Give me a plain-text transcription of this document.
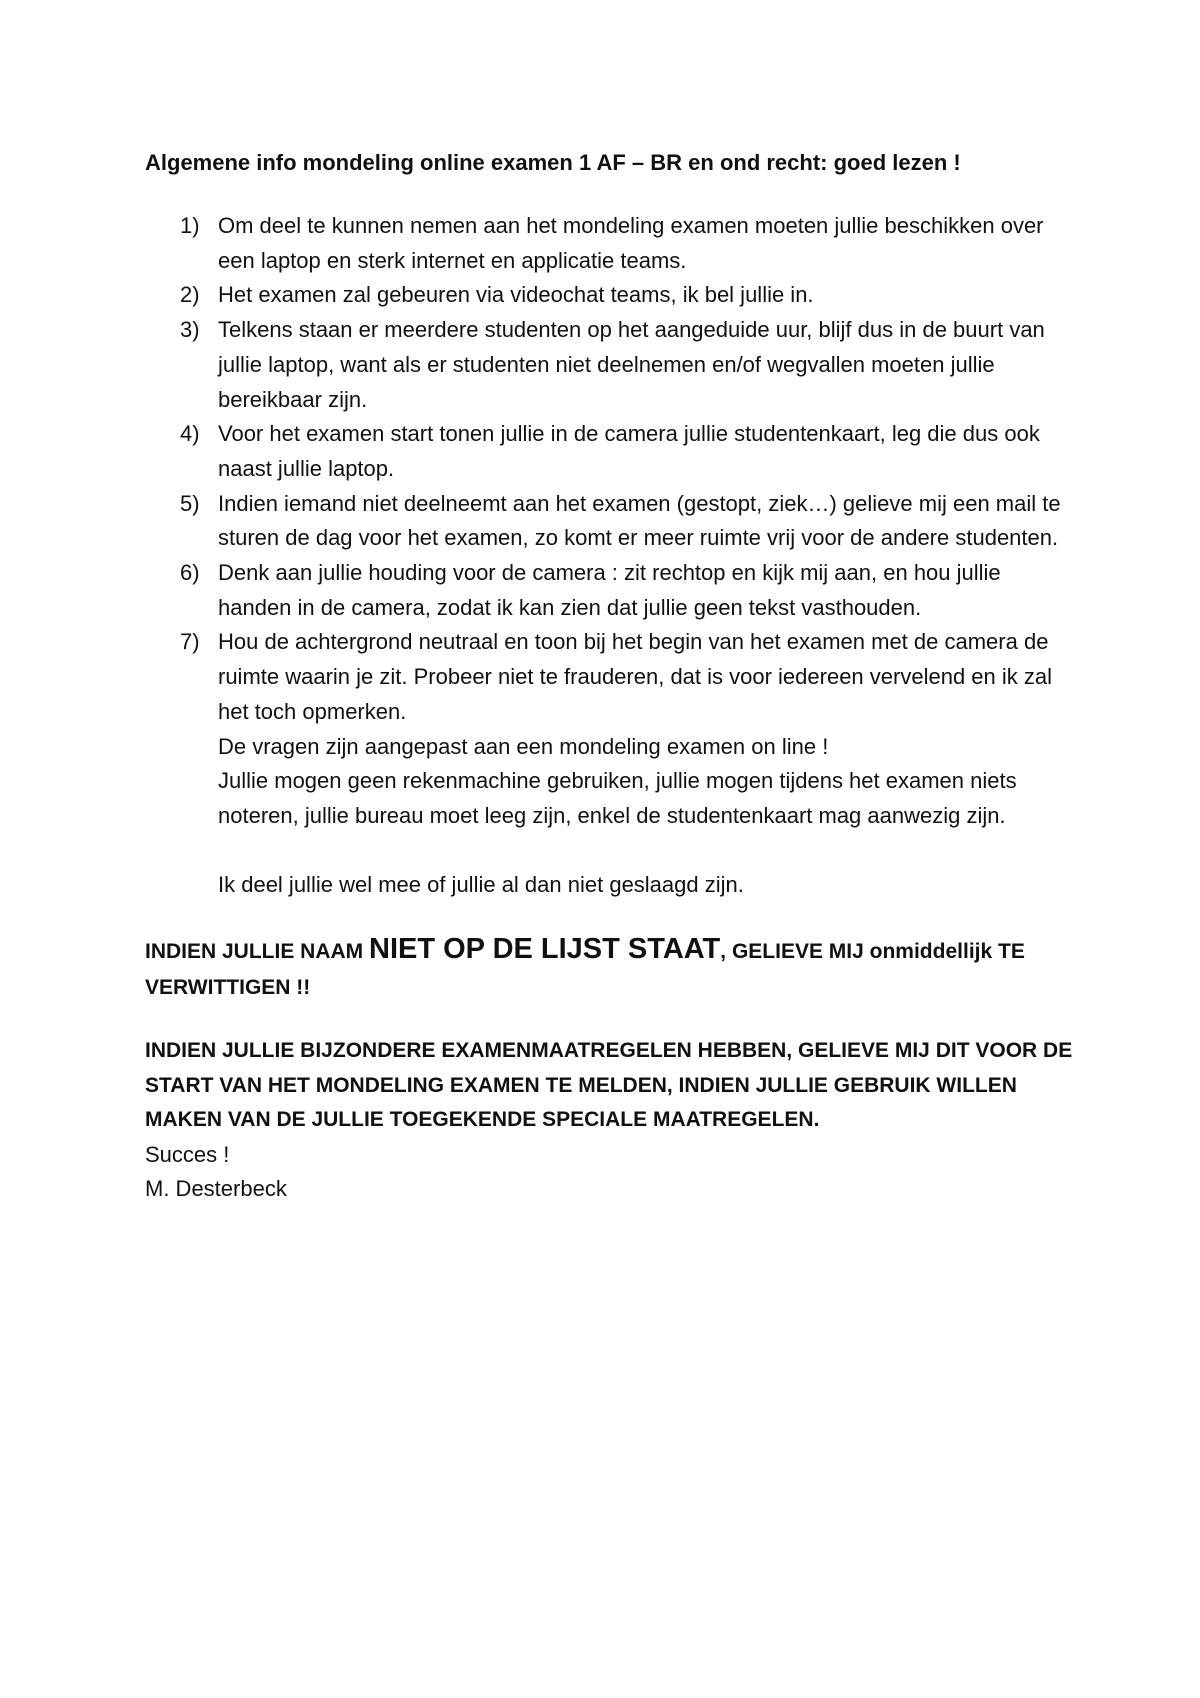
Algemene info mondeling online examen 1 AF – BR en ond recht: goed lezen !
1) Om deel te kunnen nemen aan het mondeling examen moeten jullie beschikken over een laptop en sterk internet en applicatie teams.
2) Het examen zal gebeuren via videochat teams, ik bel jullie in.
3) Telkens staan er meerdere studenten op het aangeduide uur, blijf dus in de buurt van jullie laptop, want als er studenten niet deelnemen en/of wegvallen moeten jullie bereikbaar zijn.
4) Voor het examen start tonen jullie in de camera jullie studentenkaart, leg die dus ook naast jullie laptop.
5) Indien iemand niet deelneemt aan het examen (gestopt, ziek…) gelieve mij een mail te sturen de dag voor het examen, zo komt er meer ruimte vrij voor de andere studenten.
6) Denk aan jullie houding voor de camera : zit rechtop en kijk mij aan, en hou jullie handen in de camera, zodat ik kan zien dat jullie geen tekst vasthouden.
7) Hou de achtergrond neutraal en toon bij het begin van het examen met de camera de ruimte waarin je zit. Probeer niet te frauderen, dat is voor iedereen vervelend en ik zal het toch opmerken.
De vragen zijn aangepast aan een mondeling examen on line !
Jullie mogen geen rekenmachine gebruiken, jullie mogen tijdens het examen niets noteren, jullie bureau moet leeg zijn, enkel de studentenkaart mag aanwezig zijn.
Ik deel jullie wel mee of jullie al dan niet geslaagd zijn.
INDIEN JULLIE NAAM NIET OP DE LIJST STAAT, GELIEVE MIJ onmiddellijk TE VERWITTIGEN !!
INDIEN JULLIE BIJZONDERE EXAMENMAATREGELEN HEBBEN, GELIEVE MIJ DIT VOOR DE START VAN HET MONDELING EXAMEN TE MELDEN, INDIEN JULLIE GEBRUIK WILLEN MAKEN VAN DE JULLIE TOEGEKENDE SPECIALE MAATREGELEN.
Succes !
M. Desterbeck
